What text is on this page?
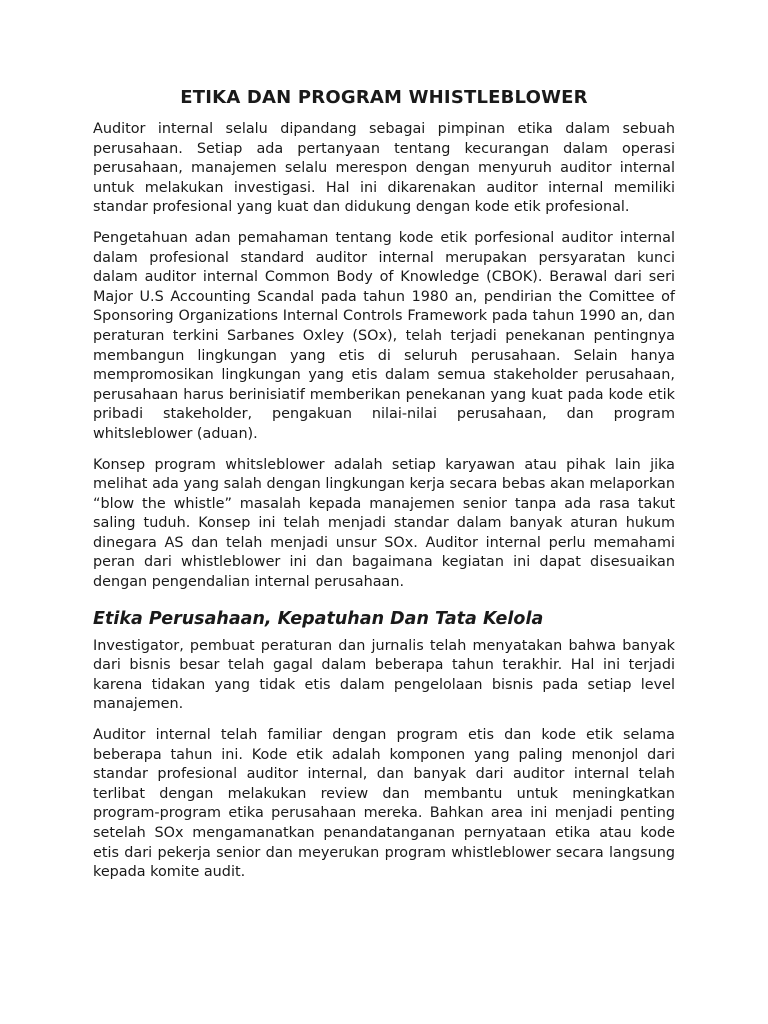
ETIKA DAN PROGRAM WHISTLEBLOWER

Auditor internal selalu dipandang sebagai pimpinan etika dalam sebuah perusahaan. Setiap ada pertanyaan tentang kecurangan dalam operasi perusahaan, manajemen selalu merespon dengan menyuruh auditor internal untuk melakukan investigasi. Hal ini dikarenakan auditor internal memiliki standar profesional yang kuat dan didukung dengan kode etik profesional.

Pengetahuan adan pemahaman tentang kode etik porfesional auditor internal dalam profesional standard auditor internal merupakan persyaratan kunci dalam auditor internal Common Body of Knowledge (CBOK). Berawal dari seri Major U.S Accounting Scandal pada tahun 1980 an, pendirian the Comittee of Sponsoring Organizations Internal Controls Framework pada tahun 1990 an, dan peraturan terkini Sarbanes Oxley (SOx), telah terjadi penekanan pentingnya membangun lingkungan yang etis di seluruh perusahaan. Selain hanya mempromosikan lingkungan yang etis dalam semua stakeholder perusahaan, perusahaan harus berinisiatif memberikan penekanan yang kuat pada kode etik pribadi stakeholder, pengakuan nilai-nilai perusahaan, dan program whitsleblower (aduan).

Konsep program whitsleblower adalah setiap karyawan atau pihak lain jika melihat ada yang salah dengan lingkungan kerja secara bebas akan melaporkan “blow the whistle” masalah kepada manajemen senior tanpa ada rasa takut saling tuduh. Konsep ini telah menjadi standar dalam banyak aturan hukum dinegara AS dan telah menjadi unsur SOx. Auditor internal perlu memahami peran dari whistleblower ini dan bagaimana kegiatan ini dapat disesuaikan dengan pengendalian internal perusahaan.

Etika Perusahaan, Kepatuhan Dan Tata Kelola

Investigator, pembuat peraturan dan jurnalis telah menyatakan bahwa banyak dari bisnis besar telah gagal dalam beberapa tahun terakhir. Hal ini terjadi karena tidakan yang tidak etis dalam pengelolaan bisnis pada setiap level manajemen.

Auditor internal telah familiar dengan program etis dan kode etik selama beberapa tahun ini. Kode etik adalah komponen yang paling menonjol dari standar profesional auditor internal, dan banyak dari auditor internal telah terlibat dengan melakukan review dan membantu untuk meningkatkan program-program etika perusahaan mereka. Bahkan area ini menjadi penting setelah SOx mengamanatkan penandatanganan pernyataan etika atau kode etis dari pekerja senior dan meyerukan program whistleblower secara langsung kepada komite audit.
